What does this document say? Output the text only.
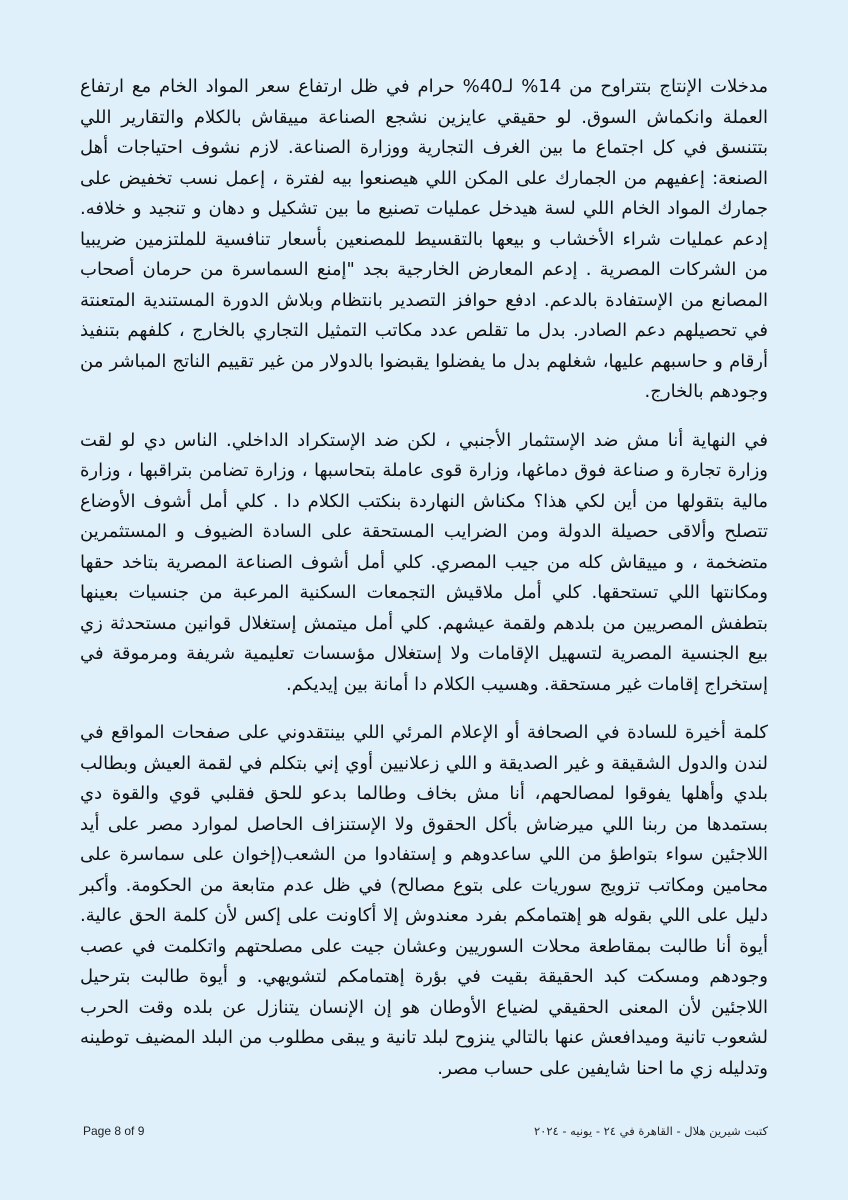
مدخلات الإنتاج بتتراوح من 14% لـ40% حرام في ظل ارتفاع سعر المواد الخام مع ارتفاع العملة وانكماش السوق. لو حقيقي عايزين نشجع الصناعة مييقاش بالكلام والتقارير اللي بتتنسق في كل اجتماع ما بين الغرف التجارية ووزارة الصناعة. لازم نشوف احتياجات أهل الصنعة: إعفيهم من الجمارك على المكن اللي هيصنعوا بيه لفترة ، إعمل نسب تخفيض على جمارك المواد الخام اللي لسة هيدخل عمليات تصنيع ما بين تشكيل و دهان و تنجيد و خلافه. إدعم عمليات شراء الأخشاب و بيعها بالتقسيط للمصنعين بأسعار تنافسية للملتزمين ضريبيا من الشركات المصرية . إدعم المعارض الخارجية بجد "إمنع السماسرة من حرمان أصحاب المصانع من الإستفادة بالدعم. ادفع حوافز التصدير بانتظام وبلاش الدورة المستندية المتعنتة في تحصيلهم دعم الصادر. بدل ما تقلص عدد مكاتب التمثيل التجاري بالخارج ، كلفهم بتنفيذ أرقام و حاسبهم عليها، شغلهم بدل ما يفضلوا يقبضوا بالدولار من غير تقييم الناتج المباشر من وجودهم بالخارج.

في النهاية أنا مش ضد الإستثمار الأجنبي ، لكن ضد الإستكراد الداخلي. الناس دي لو لقت وزارة تجارة و صناعة فوق دماغها، وزارة قوى عاملة بتحاسبها ، وزارة تضامن بتراقبها ، وزارة مالية بتقولها من أين لكي هذا؟ مكناش النهاردة بنكتب الكلام دا . كلي أمل أشوف الأوضاع تتصلح وألاقى حصيلة الدولة ومن الضرايب المستحقة على السادة الضيوف و المستثمرين متضخمة ، و مييقاش كله من جيب المصري. كلي أمل أشوف الصناعة المصرية بتاخد حقها ومكانتها اللي تستحقها. كلي أمل ملاقيش التجمعات السكنية المرعبة من جنسيات بعينها بتطفش المصريين من بلدهم ولقمة عيشهم. كلي أمل ميتمش إستغلال قوانين مستحدثة زي بيع الجنسية المصرية لتسهيل الإقامات ولا إستغلال مؤسسات تعليمية شريفة ومرموقة في إستخراج إقامات غير مستحقة. وهسيب الكلام دا أمانة بين إيديكم.

كلمة أخيرة للسادة في الصحافة أو الإعلام المرئي اللي بينتقدوني على صفحات المواقع في لندن والدول الشقيقة و غير الصديقة و اللي زعلانيين أوي إني بتكلم في لقمة العيش وبطالب بلدي وأهلها يفوقوا لمصالحهم، أنا مش بخاف وطالما بدعو للحق فقلبي قوي والقوة دي بستمدها من ربنا اللي ميرضاش بأكل الحقوق ولا الإستنزاف الحاصل لموارد مصر على أيد اللاجئين سواء بتواطؤ من اللي ساعدوهم و إستفادوا من الشعب(إخوان على سماسرة على محامين ومكاتب تزويج سوريات على بتوع مصالح) في ظل عدم متابعة من الحكومة. وأكبر دليل على اللي بقوله هو إهتمامكم بفرد معندوش إلا أكاونت على إكس لأن كلمة الحق عالية. أيوة أنا طالبت بمقاطعة محلات السوريين وعشان جيت على مصلحتهم واتكلمت في عصب وجودهم ومسكت كبد الحقيقة بقيت في بؤرة إهتمامكم لتشويهي. و أيوة طالبت بترحيل اللاجئين لأن المعنى الحقيقي لضياع الأوطان هو إن الإنسان يتنازل عن بلده وقت الحرب لشعوب تانية وميدافعش عنها بالتالي ينزوح لبلد تانية و يبقى مطلوب من البلد المضيف توطينه وتدليله زي ما احنا شايفين على حساب مصر.

Page 8 of 9	كتبت شيرين هلال - القاهرة في ٢٤ - يونيه - ٢٠٢٤
